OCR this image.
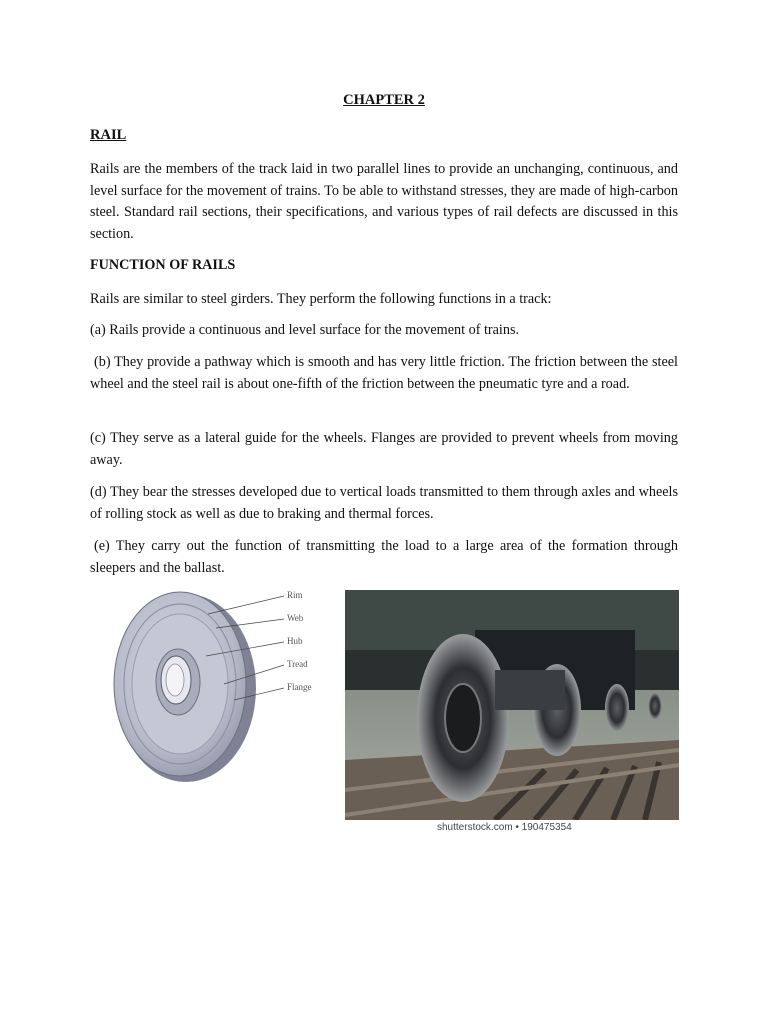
CHAPTER 2
RAIL

Rails are the members of the track laid in two parallel lines to provide an unchanging, continuous, and level surface for the movement of trains. To be able to withstand stresses, they are made of high-carbon steel. Standard rail sections, their specifications, and various types of rail defects are discussed in this section.

FUNCTION OF RAILS

Rails are similar to steel girders. They perform the following functions in a track:

(a) Rails provide a continuous and level surface for the movement of trains.

(b) They provide a pathway which is smooth and has very little friction. The friction between the steel wheel and the steel rail is about one-fifth of the friction between the pneumatic tyre and a road.

(c) They serve as a lateral guide for the wheels. Flanges are provided to prevent wheels from moving away.

(d) They bear the stresses developed due to vertical loads transmitted to them through axles and wheels of rolling stock as well as due to braking and thermal forces.

(e) They carry out the function of transmitting the load to a large area of the formation through sleepers and the ballast.

Rim
Web
Hub
Tread
Flange
shutterstock.com • 190475354
